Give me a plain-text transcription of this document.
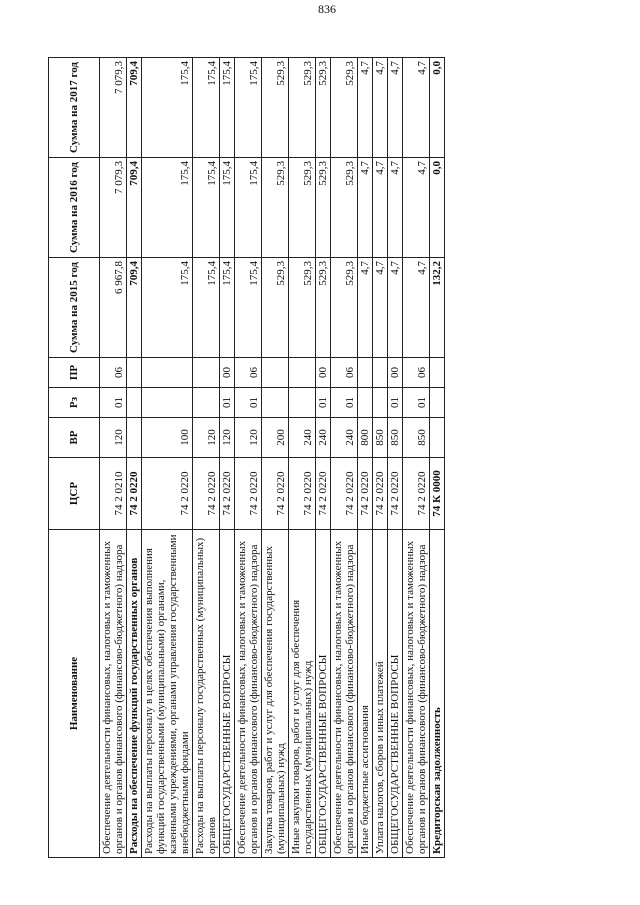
836
Наименование	ЦСР	ВР	Рз	ПР	Сумма на 2015 год	Сумма на 2016 год	Сумма на 2017 год
Обеспечение деятельности финансовых, налоговых и таможенных органов и органов финансового (финансово-бюджетного) надзора	74 2 0210	120	01	06	6 967,8	7 079,3	7 079,3
Расходы на обеспечение функций государственных органов	74 2 0220				709,4	709,4	709,4
Расходы на выплаты персоналу в целях обеспечения выполнения функций государственными (муниципальными) органами, казенными учреждениями, органами управления государственными внебюджетными фондами	74 2 0220	100			175,4	175,4	175,4
Расходы на выплаты персоналу государственных (муниципальных) органов	74 2 0220	120			175,4	175,4	175,4
ОБЩЕГОСУДАРСТВЕННЫЕ ВОПРОСЫ	74 2 0220	120	01	00	175,4	175,4	175,4
Обеспечение деятельности финансовых, налоговых и таможенных органов и органов финансового (финансово-бюджетного) надзора	74 2 0220	120	01	06	175,4	175,4	175,4
Закупка товаров, работ и услуг для обеспечения государственных (муниципальных) нужд	74 2 0220	200			529,3	529,3	529,3
Иные закупки товаров, работ и услуг для обеспечения государственных (муниципальных) нужд	74 2 0220	240			529,3	529,3	529,3
ОБЩЕГОСУДАРСТВЕННЫЕ ВОПРОСЫ	74 2 0220	240	01	00	529,3	529,3	529,3
Обеспечение деятельности финансовых, налоговых и таможенных органов и органов финансового (финансово-бюджетного) надзора	74 2 0220	240	01	06	529,3	529,3	529,3
Иные бюджетные ассигнования	74 2 0220	800			4,7	4,7	4,7
Уплата налогов, сборов и иных платежей	74 2 0220	850			4,7	4,7	4,7
ОБЩЕГОСУДАРСТВЕННЫЕ ВОПРОСЫ	74 2 0220	850	01	00	4,7	4,7	4,7
Обеспечение деятельности финансовых, налоговых и таможенных органов и органов финансового (финансово-бюджетного) надзора	74 2 0220	850	01	06	4,7	4,7	4,7
Кредиторская задолженность	74 К 0000				132,2	0,0	0,0
